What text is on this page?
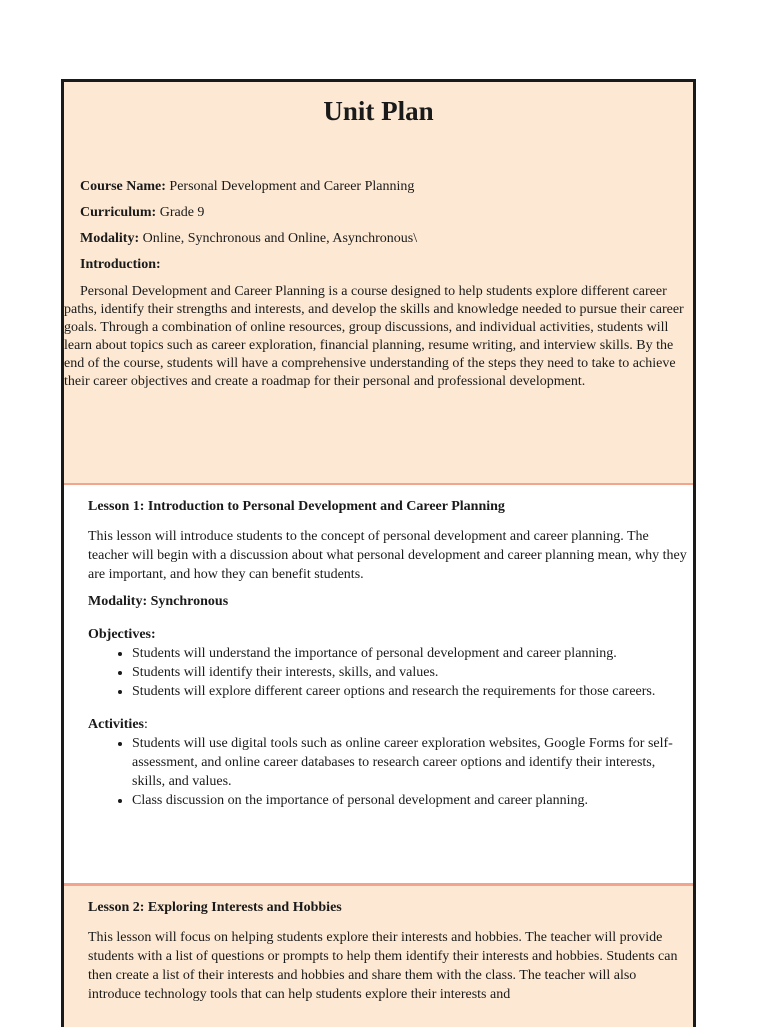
Unit Plan

Course Name: Personal Development and Career Planning

Curriculum: Grade 9

Modality: Online, Synchronous and Online, Asynchronous\

Introduction:

Personal Development and Career Planning is a course designed to help students explore different career paths, identify their strengths and interests, and develop the skills and knowledge needed to pursue their career goals. Through a combination of online resources, group discussions, and individual activities, students will learn about topics such as career exploration, financial planning, resume writing, and interview skills. By the end of the course, students will have a comprehensive understanding of the steps they need to take to achieve their career objectives and create a roadmap for their personal and professional development.

Lesson 1: Introduction to Personal Development and Career Planning

This lesson will introduce students to the concept of personal development and career planning. The teacher will begin with a discussion about what personal development and career planning mean, why they are important, and how they can benefit students.

Modality: Synchronous

Objectives:

• Students will understand the importance of personal development and career planning.
• Students will identify their interests, skills, and values.
• Students will explore different career options and research the requirements for those careers.

Activities:

• Students will use digital tools such as online career exploration websites, Google Forms for self-assessment, and online career databases to research career options and identify their interests, skills, and values.
• Class discussion on the importance of personal development and career planning.

Lesson 2: Exploring Interests and Hobbies

This lesson will focus on helping students explore their interests and hobbies. The teacher will provide students with a list of questions or prompts to help them identify their interests and hobbies. Students can then create a list of their interests and hobbies and share them with the class. The teacher will also introduce technology tools that can help students explore their interests and
